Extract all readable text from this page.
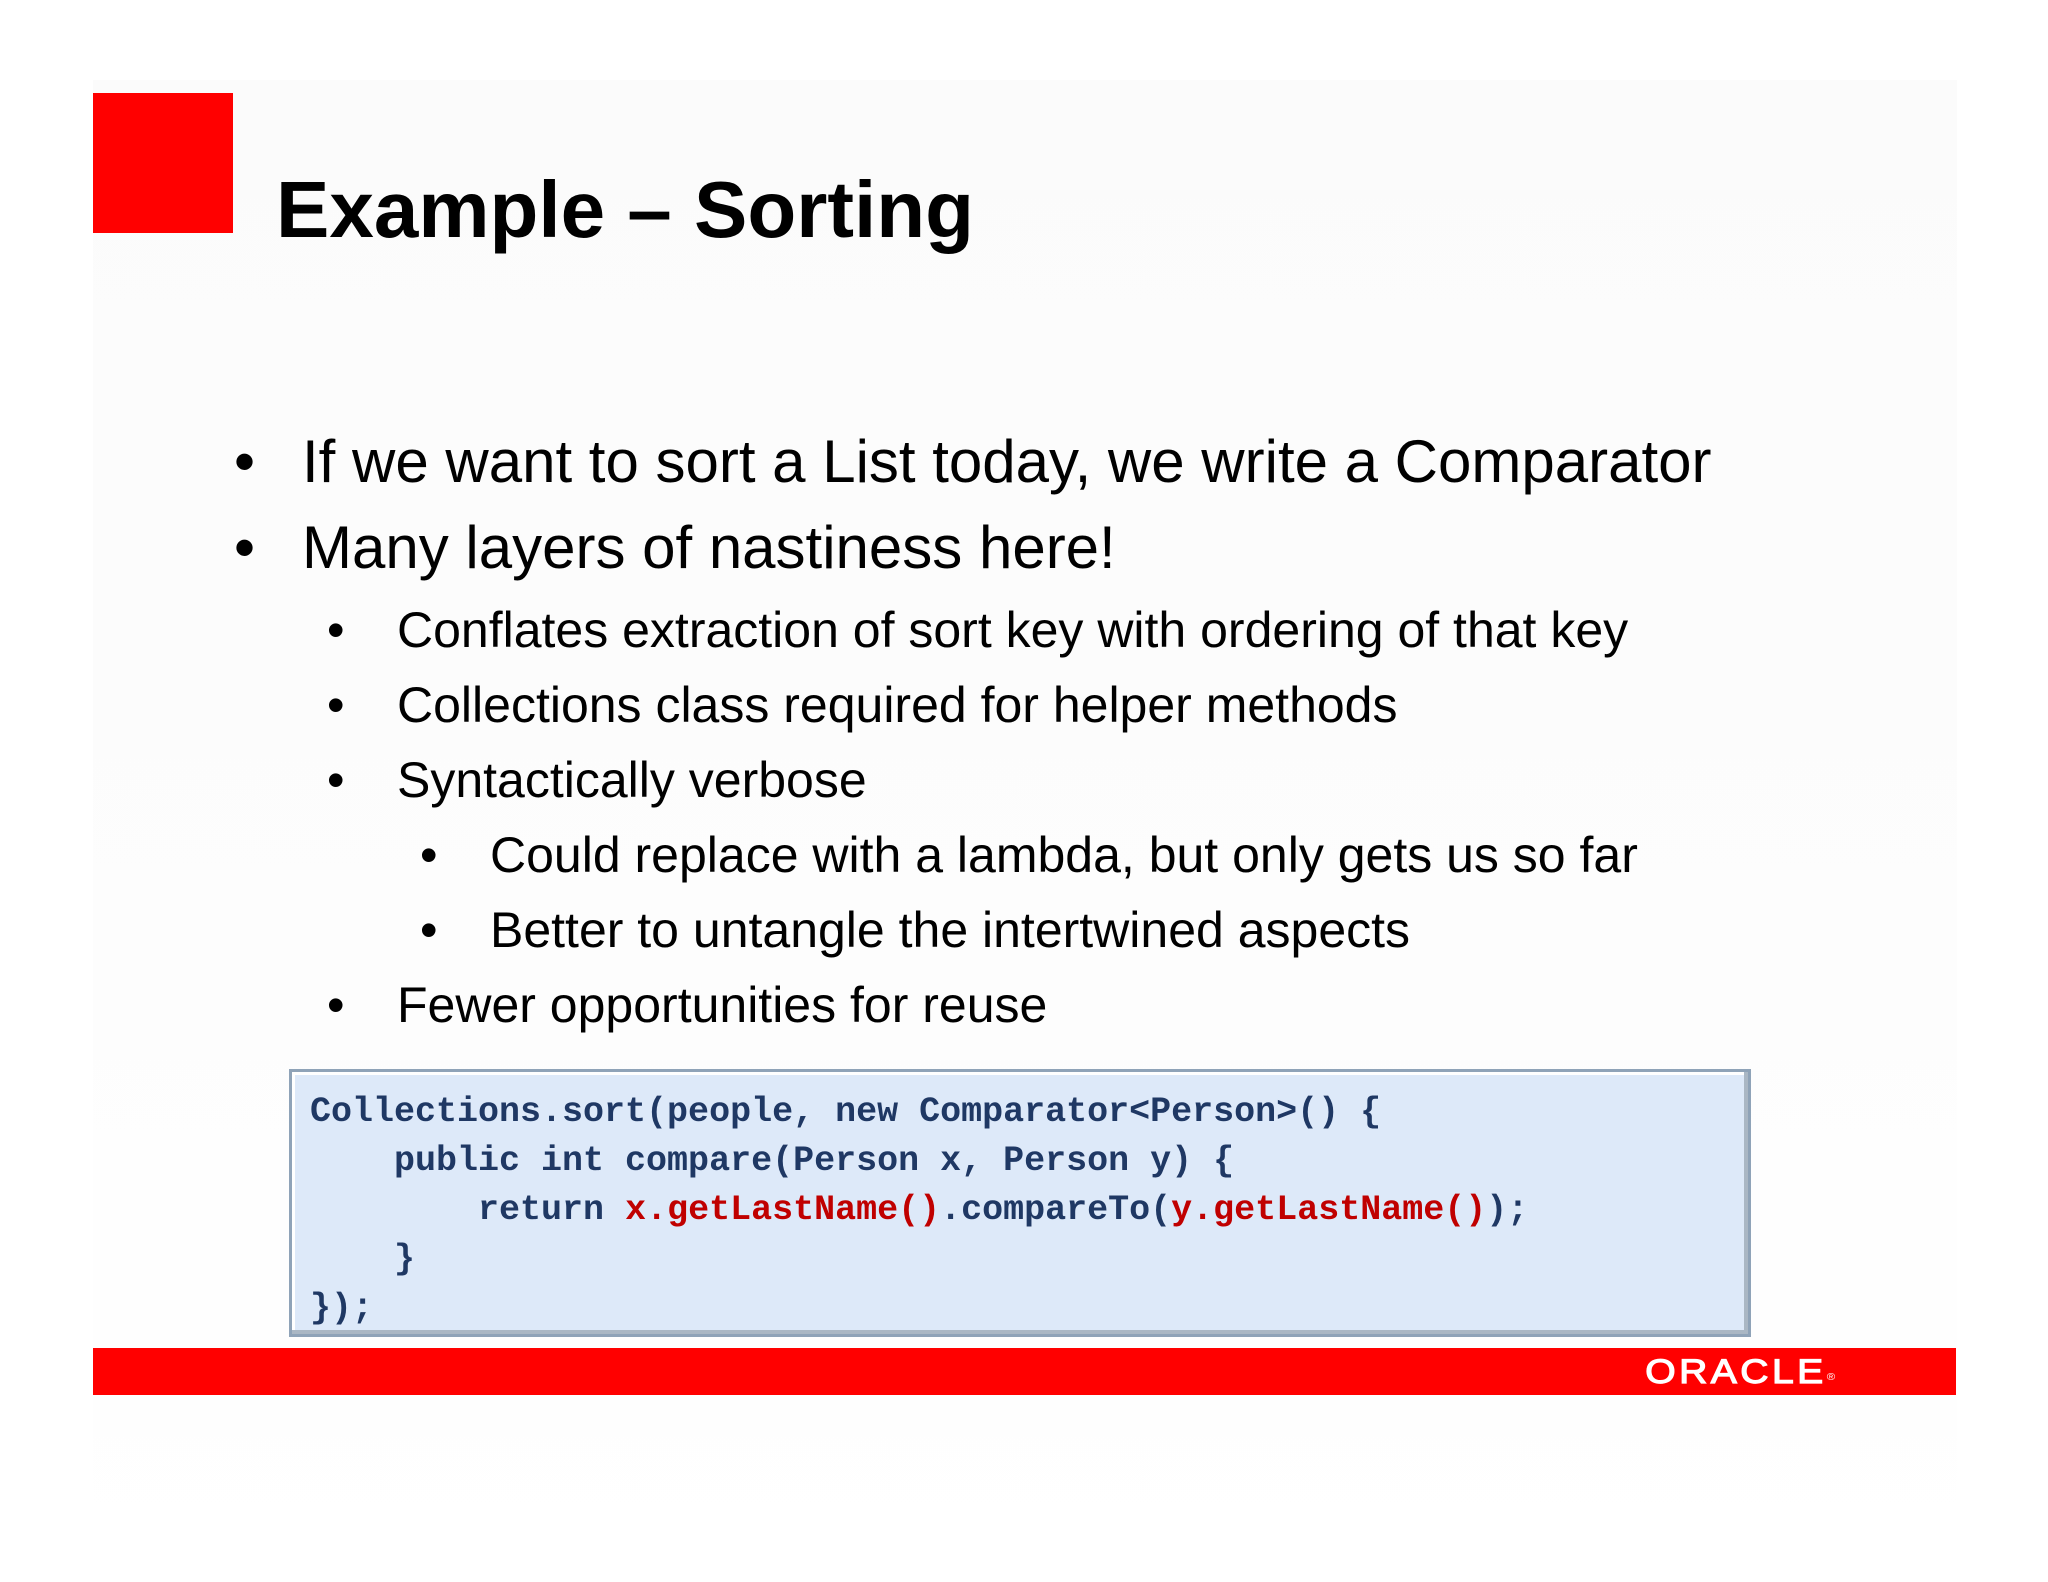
Example – Sorting
• If we want to sort a List today, we write a Comparator
• Many layers of nastiness here!
• Conflates extraction of sort key with ordering of that key
• Collections class required for helper methods
• Syntactically verbose
• Could replace with a lambda, but only gets us so far
• Better to untangle the intertwined aspects
• Fewer opportunities for reuse
Collections.sort(people, new Comparator<Person>() {
public int compare(Person x, Person y) {
return x.getLastName().compareTo(y.getLastName());
}
});
ORACLE®
